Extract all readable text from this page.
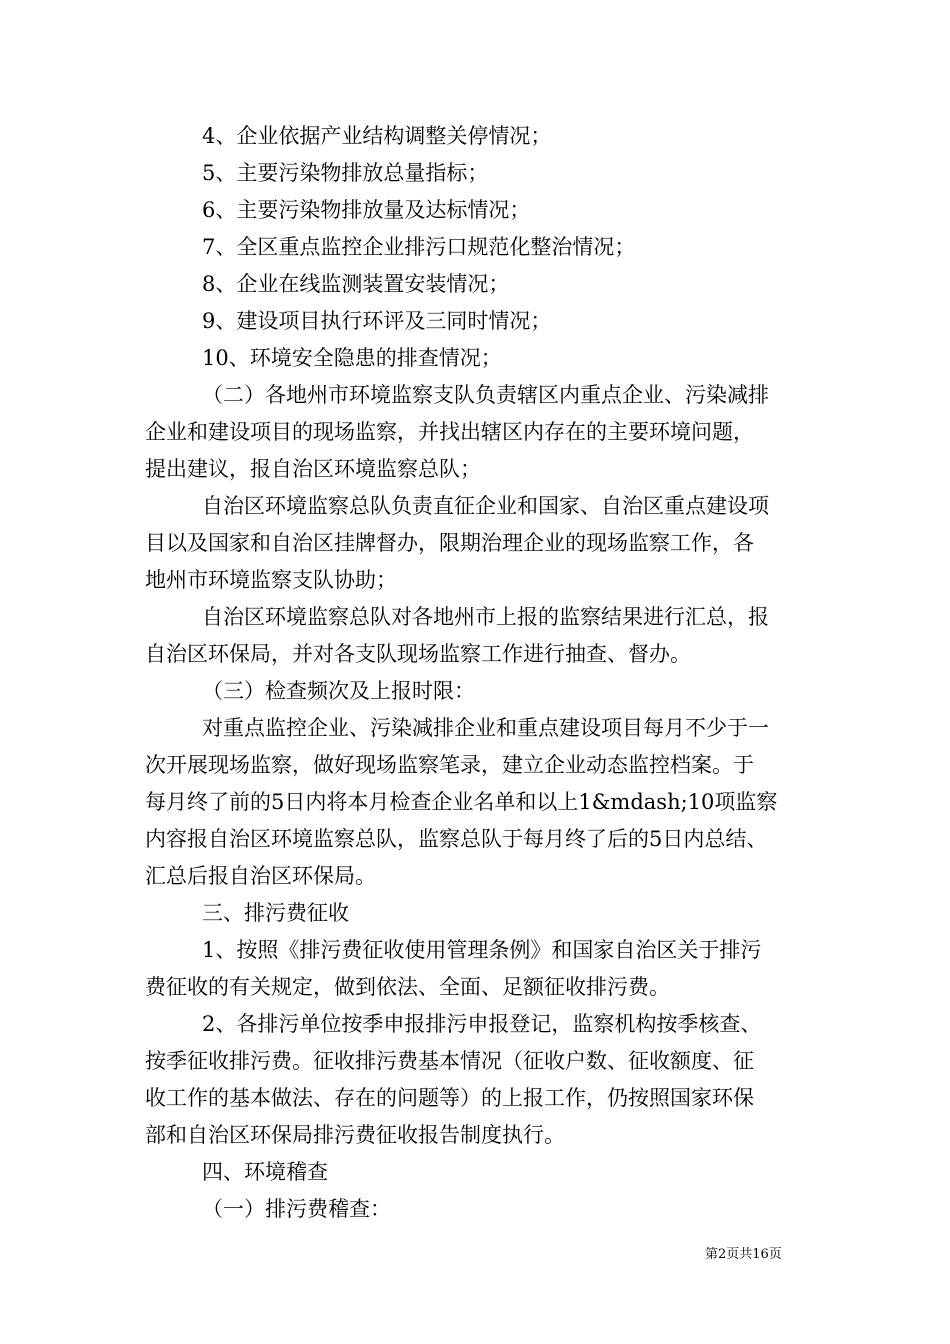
4、企业依据产业结构调整关停情况；
5、主要污染物排放总量指标；
6、主要污染物排放量及达标情况；
7、全区重点监控企业排污口规范化整治情况；
8、企业在线监测装置安装情况；
9、建设项目执行环评及三同时情况；
10、环境安全隐患的排查情况；
（二）各地州市环境监察支队负责辖区内重点企业、污染减排
企业和建设项目的现场监察，并找出辖区内存在的主要环境问题，
提出建议，报自治区环境监察总队；
自治区环境监察总队负责直征企业和国家、自治区重点建设项
目以及国家和自治区挂牌督办，限期治理企业的现场监察工作，各
地州市环境监察支队协助；
自治区环境监察总队对各地州市上报的监察结果进行汇总，报
自治区环保局，并对各支队现场监察工作进行抽查、督办。
（三）检查频次及上报时限：
对重点监控企业、污染减排企业和重点建设项目每月不少于一
次开展现场监察，做好现场监察笔录，建立企业动态监控档案。于
每月终了前的5日内将本月检查企业名单和以上1&mdash;10项监察
内容报自治区环境监察总队，监察总队于每月终了后的5日内总结、
汇总后报自治区环保局。
三、排污费征收
1、按照《排污费征收使用管理条例》和国家自治区关于排污
费征收的有关规定，做到依法、全面、足额征收排污费。
2、各排污单位按季申报排污申报登记，监察机构按季核查、
按季征收排污费。征收排污费基本情况（征收户数、征收额度、征
收工作的基本做法、存在的问题等）的上报工作，仍按照国家环保
部和自治区环保局排污费征收报告制度执行。
四、环境稽查
（一）排污费稽查：
第2页共16页
